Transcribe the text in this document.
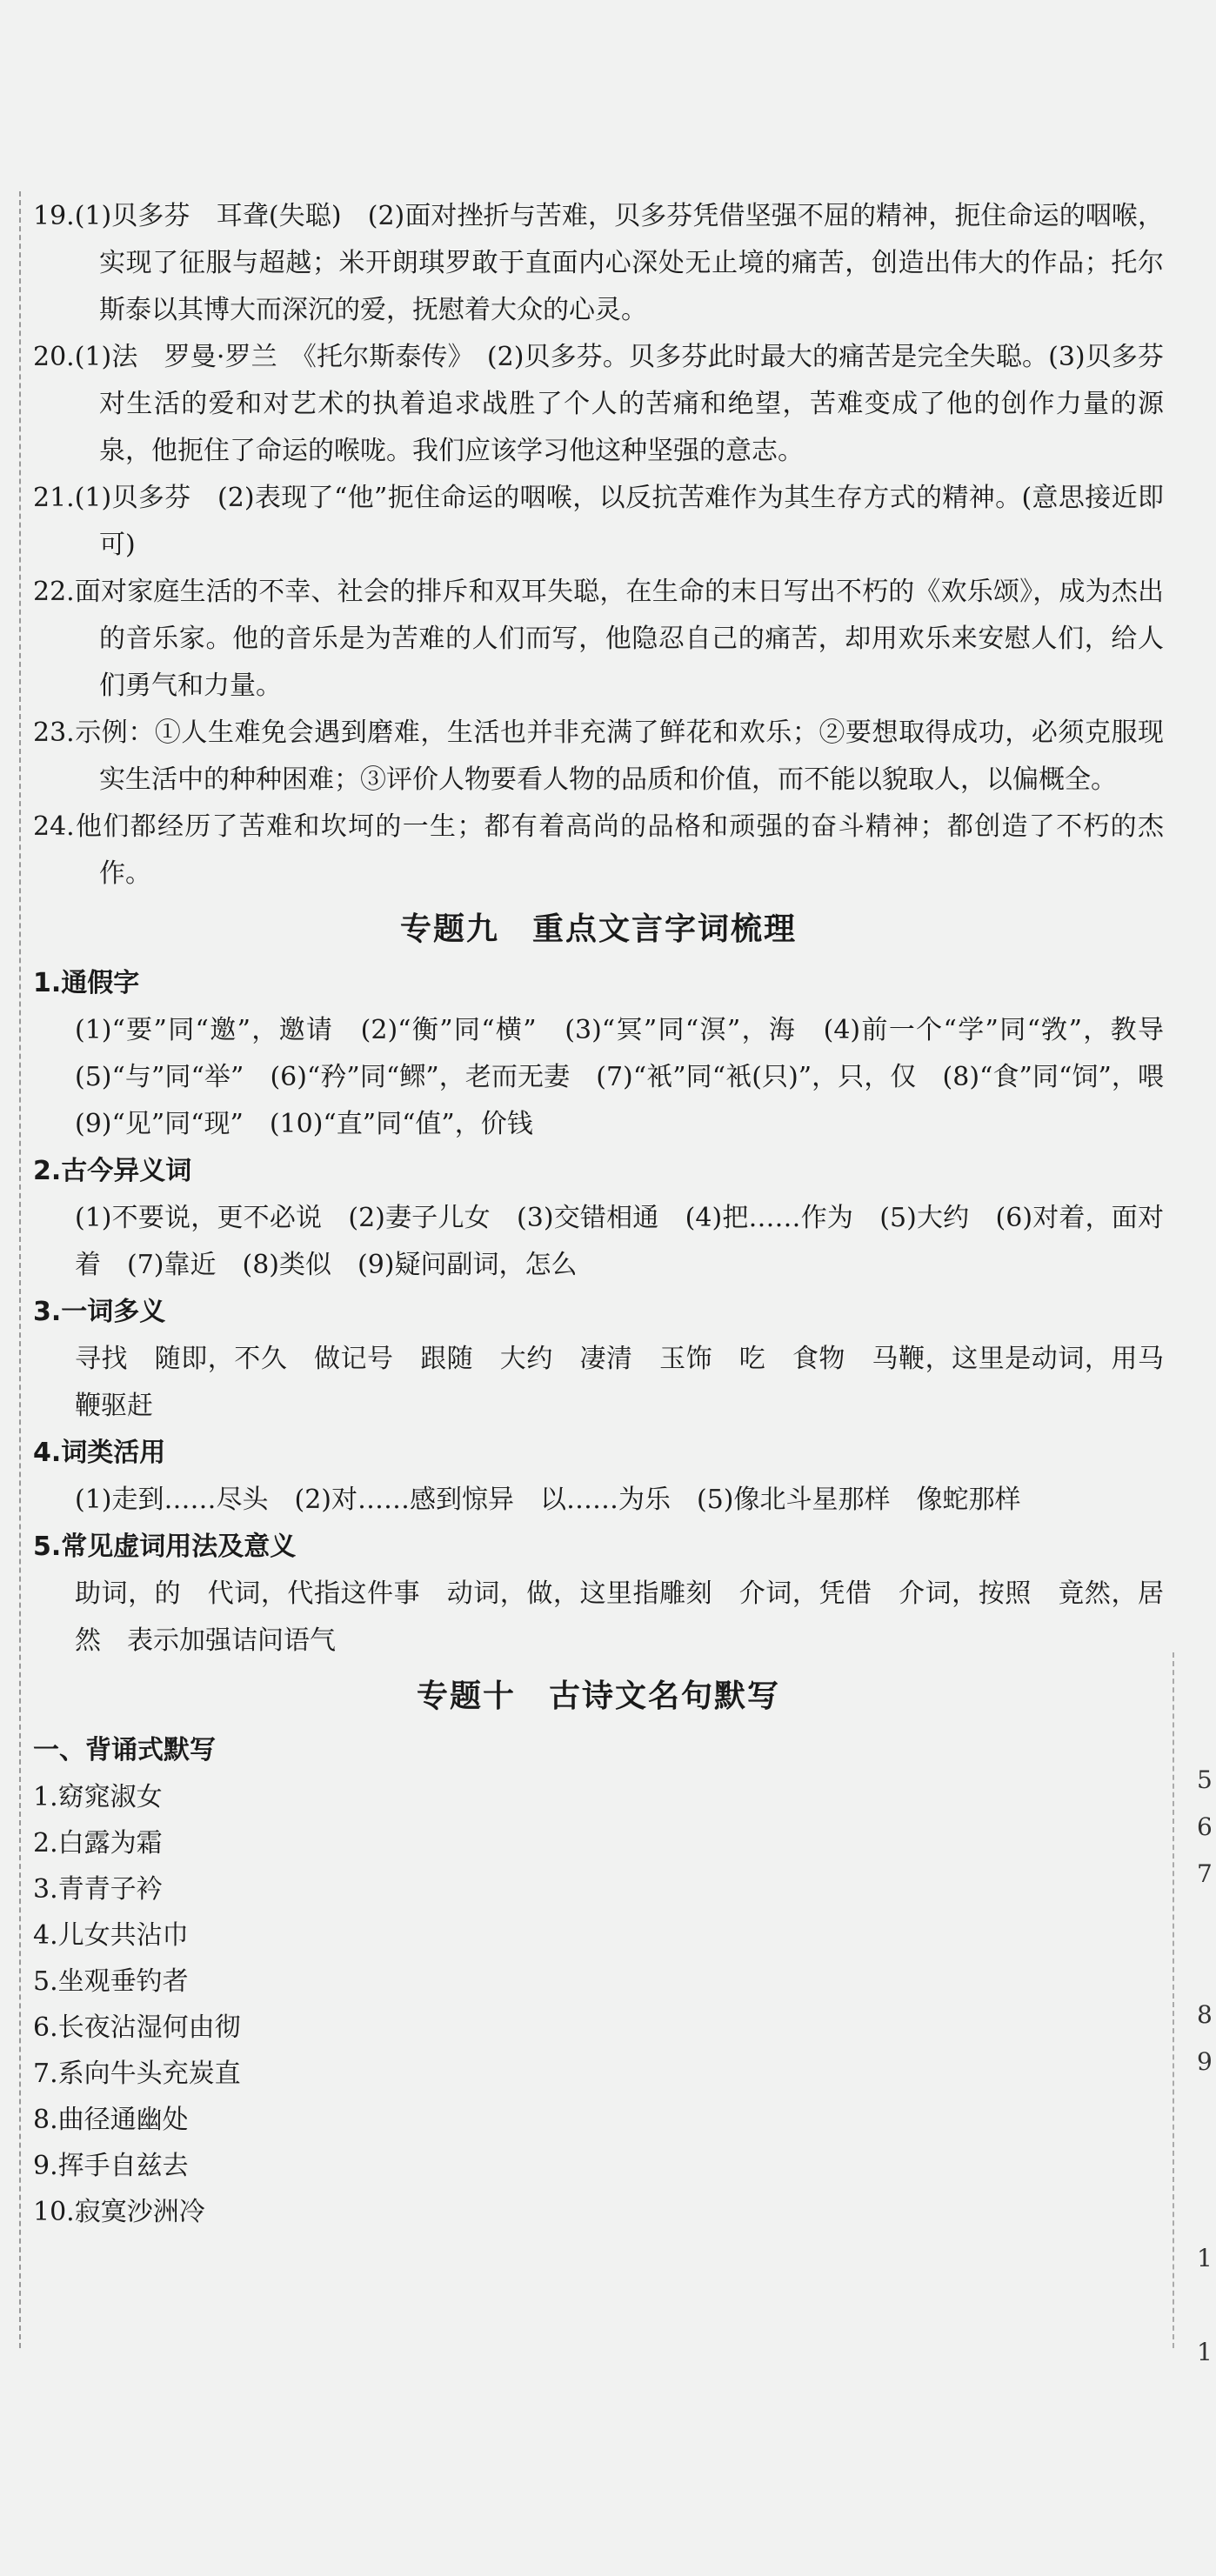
5
6
7
8
9
1
1

19.(1)贝多芬　耳聋(失聪)　(2)面对挫折与苦难，贝多芬凭借坚强不屈的精神，扼住命运的咽喉，实现了征服与超越；米开朗琪罗敢于直面内心深处无止境的痛苦，创造出伟大的作品；托尔斯泰以其博大而深沉的爱，抚慰着大众的心灵。

20.(1)法　罗曼·罗兰　《托尔斯泰传》　(2)贝多芬。贝多芬此时最大的痛苦是完全失聪。(3)贝多芬对生活的爱和对艺术的执着追求战胜了个人的苦痛和绝望，苦难变成了他的创作力量的源泉，他扼住了命运的喉咙。我们应该学习他这种坚强的意志。

21.(1)贝多芬　(2)表现了“他”扼住命运的咽喉，以反抗苦难作为其生存方式的精神。(意思接近即可)

22.面对家庭生活的不幸、社会的排斥和双耳失聪，在生命的末日写出不朽的《欢乐颂》，成为杰出的音乐家。他的音乐是为苦难的人们而写，他隐忍自己的痛苦，却用欢乐来安慰人们，给人们勇气和力量。

23.示例：①人生难免会遇到磨难，生活也并非充满了鲜花和欢乐；②要想取得成功，必须克服现实生活中的种种困难；③评价人物要看人物的品质和价值，而不能以貌取人，以偏概全。

24.他们都经历了苦难和坎坷的一生；都有着高尚的品格和顽强的奋斗精神；都创造了不朽的杰作。

专题九　重点文言字词梳理
1.通假字

(1)“要”同“邀”，邀请　(2)“衡”同“横”　(3)“冥”同“溟”，海　(4)前一个“学”同“敩”，教导　(5)“与”同“举”　(6)“矜”同“鳏”，老而无妻　(7)“衹”同“衹(只)”，只，仅　(8)“食”同“饲”，喂　(9)“见”同“现”　(10)“直”同“值”，价钱

2.古今异义词

(1)不要说，更不必说　(2)妻子儿女　(3)交错相通　(4)把……作为　(5)大约　(6)对着，面对着　(7)靠近　(8)类似　(9)疑问副词，怎么

3.一词多义

寻找　随即，不久　做记号　跟随　大约　凄清　玉饰　吃　食物　马鞭，这里是动词，用马鞭驱赶

4.词类活用

(1)走到……尽头　(2)对……感到惊异　以……为乐　(5)像北斗星那样　像蛇那样

5.常见虚词用法及意义

助词，的　代词，代指这件事　动词，做，这里指雕刻　介词，凭借　介词，按照　竟然，居然　表示加强诘问语气

专题十　古诗文名句默写
一、背诵式默写

1.窈窕淑女

2.白露为霜

3.青青子衿

4.儿女共沾巾

5.坐观垂钓者

6.长夜沾湿何由彻

7.系向牛头充炭直

8.曲径通幽处

9.挥手自兹去

10.寂寞沙洲冷
